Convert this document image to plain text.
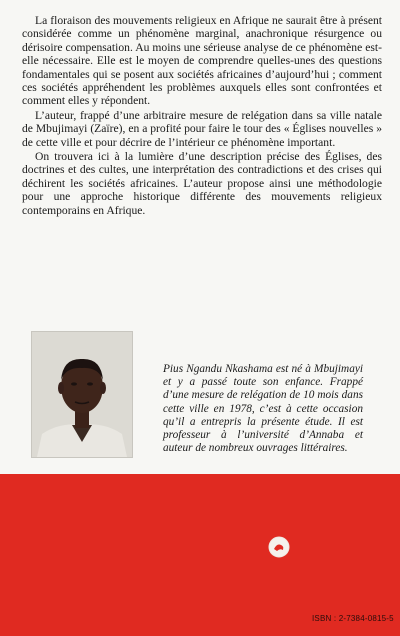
La floraison des mouvements religieux en Afrique ne saurait être à présent considérée comme un phénomène marginal, anachronique résurgence ou dérisoire compensation. Au moins une sérieuse analyse de ce phénomène est-elle nécessaire. Elle est le moyen de comprendre quelles-unes des questions fondamentales qui se posent aux sociétés africaines d’aujourd’hui ; comment ces sociétés appréhendent les problèmes auxquels elles sont confrontées et comment elles y répondent.

L’auteur, frappé d’une arbitraire mesure de relégation dans sa ville natale de Mbujimayi (Zaïre), en a profité pour faire le tour des « Églises nouvelles » de cette ville et pour décrire de l’intérieur ce phénomène important.

On trouvera ici à la lumière d’une description précise des Églises, des doctrines et des cultes, une interprétation des contradictions et des crises qui déchirent les sociétés africaines. L’auteur propose ainsi une méthodologie pour une approche historique différente des mouvements religieux contemporains en Afrique.

Pius Ngandu Nkashama est né à Mbujimayi et y a passé toute son enfance. Frappé d’une mesure de relégation de 10 mois dans cette ville en 1978, c’est à cette occasion qu’il a entrepris la présente étude. Il est professeur à l’université d’Annaba et auteur de nombreux ouvrages littéraires.

ISBN : 2-7384-0815-5
